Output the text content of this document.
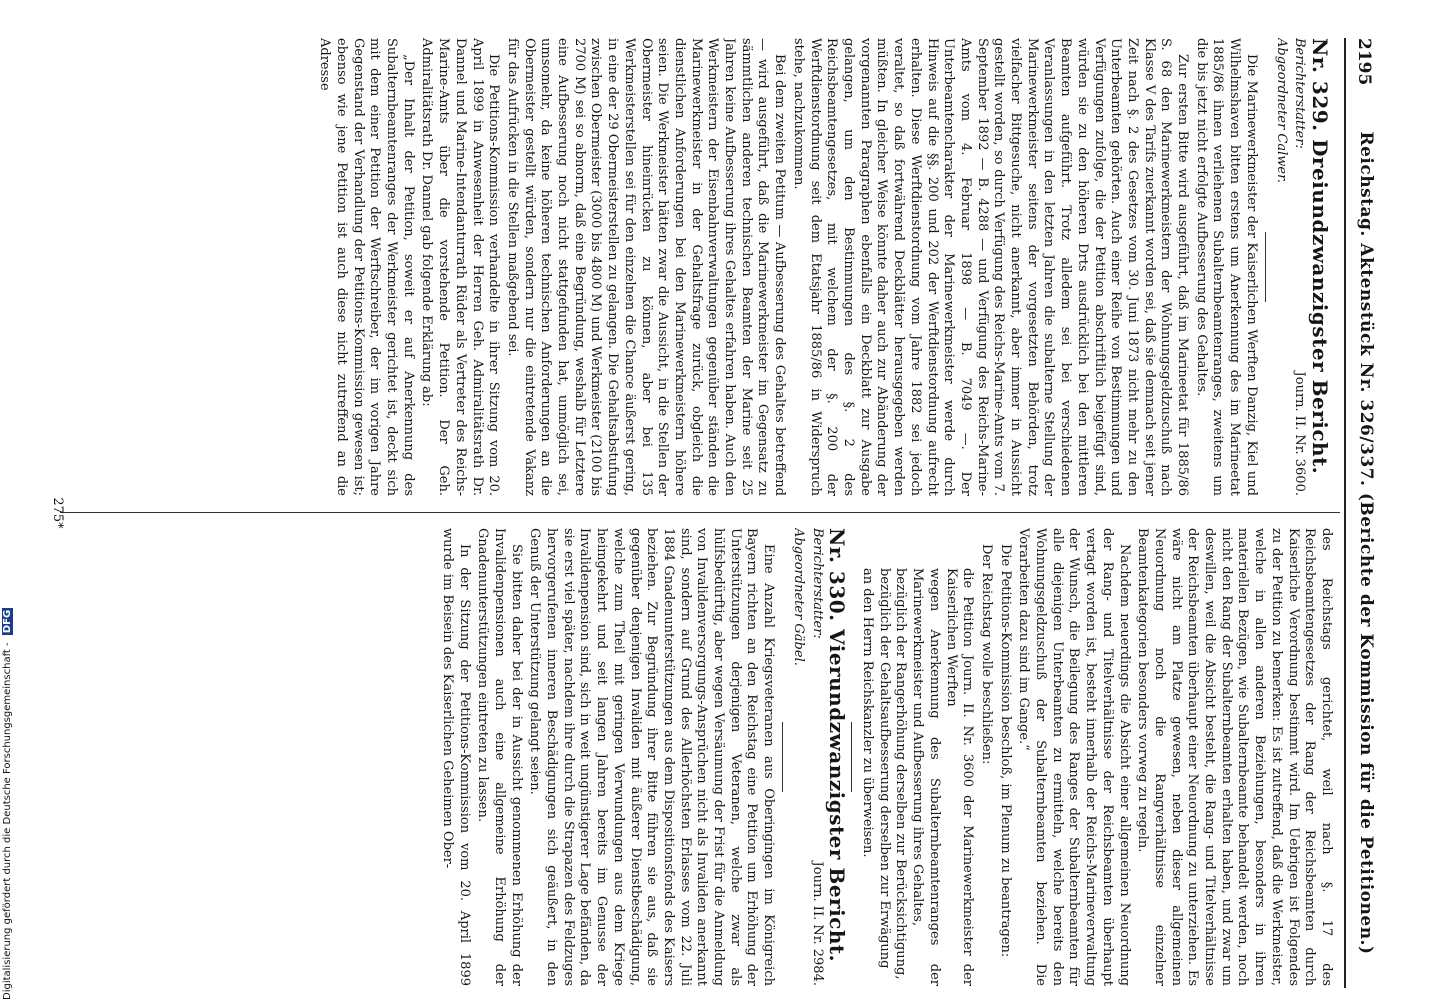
Digitalisierung gefördert durch die Deutsche Forschungsgemeinschaft - DFG
2195
Reichstag. Aktenstück Nr. 326/337. (Berichte der Kommission für die Petitionen.)
Nr. 329. Dreiundzwanzigster Bericht.
Berichterstatter:
Journ. II. Nr. 3600.
Abgeordneter Calwer.

Die Marinewerkmeister der Kaiserlichen Werften Danzig, Kiel und Wilhelmshaven bitten erstens um Anerkennung des im Marineetat 1885/86 ihnen verliehenen Subalternbeamtenranges, zweitens um die bis jetzt nicht erfolgte Aufbesserung des Gehaltes.

Zur ersten Bitte wird ausgeführt, daß im Marineetat für 1885/86 S. 68 den Marinewerkmeistern der Wohnungsgeldzuschuß nach Klasse V des Tarifs zuerkannt worden sei, daß sie demnach seit jener Zeit nach §. 2 des Gesetzes vom 30. Juni 1873 nicht mehr zu den Unterbeamten gehörten. Auch einer Reihe von Bestimmungen und Verfügungen zufolge, die der Petition abschriftlich beigefügt sind, würden sie zu den höheren Drts ausdrücklich bei den mittleren Beamten aufgeführt. Trotz alledem sei bei verschiedenen Veranlassungen in den letzten Jahren die subalterne Stellung der Marinewerkmeister seitens der vorgesetzten Behörden, trotz vielfacher Bittgesuche, nicht anerkannt, aber immer in Aussicht gestellt worden, so durch Verfügung des Reichs-Marine-Amts vom 7. September 1892 — B. 4288 — und Verfügung des Reichs-Marine-Amts vom 4. Februar 1898 — B. 7049 —. Der Unterbeamtencharakter der Marinewerkmeister werde durch Hinweis auf die §§. 200 und 202 der Werftdienstordnung aufrecht erhalten. Diese Werftdienstordnung vom Jahre 1882 sei jedoch veraltet, so daß fortwährend Deckblätter herausgegeben werden müßten. In gleicher Weise könnte daher auch zur Abänderung der vorgenannten Paragraphen ebenfalls ein Deckblatt zur Ausgabe gelangen, um den Bestimmungen des §. 2 des Reichsbeamtengesetzes, mit welchem der §. 200 der Werftdienstordnung seit dem Etatsjahr 1885/86 in Widerspruch stehe, nachzukommen.

Bei dem zweiten Petitum — Aufbesserung des Gehaltes betreffend — wird ausgeführt, daß die Marinewerkmeister im Gegensatz zu sämmtlichen anderen technischen Beamten der Marine seit 25 Jahren keine Aufbesserung ihres Gehaltes erfahren haben. Auch den Werkmeistern der Eisenbahnverwaltungen gegenüber ständen die Marinewerkmeister in der Gehaltsfrage zurück, obgleich die dienstlichen Anforderungen bei den Marinewerkmeistern höhere seien. Die Werkmeister hätten zwar die Aussicht, in die Stellen der Obermeister hineinrücken zu können, aber bei 135 Werkmeisterstellen sei für den einzelnen die Chance äußerst gering, in eine der 29 Obermeisterstellen zu gelangen. Die Gehaltsabstufung zwischen Obermeister (3000 bis 4800 M) und Werkmeister (2100 bis 2700 M) sei so abnorm, daß eine Begründung, weshalb für Letztere eine Aufbesserung noch nicht stattgefunden hat, unmöglich sei, umsomehr, da keine höheren technischen Anforderungen an die Obermeister gestellt würden, sondern nur die eintretende Vakanz für das Aufrücken in die Stellen maßgebend sei.

Die Petitions-Kommission verhandelte in ihrer Sitzung vom 20. April 1899 in Anwesenheit der Herren Geh. Admiralitätsrath Dr. Dannel und Marine-Intendanturrath Rüder als Vertreter des Reichs-Marine-Amts über die vorstehende Petition. Der Geh. Admiralitätsrath Dr. Dannel gab folgende Erklärung ab:

„Der Inhalt der Petition, soweit er auf Anerkennung des Subalternbeamtenranges der Werkmeister gerichtet ist, deckt sich mit dem einer Petition der Werftschreiber, der im vorigen Jahre Gegenstand der Verhandlung der Petitions-Kommission gewesen ist; ebenso wie jene Petition ist auch diese nicht zutreffend an die Adresse

des Reichstags gerichtet, weil nach §. 17 des Reichsbeamtengesetzes der Rang der Reichsbeamten durch Kaiserliche Verordnung bestimmt wird. Im Uebrigen ist Folgendes zu der Petition zu bemerken: Es ist zutreffend, daß die Werkmeister, welche in allen anderen Beziehungen, besonders in ihren materiellen Bezügen, wie Subalternbeamte behandelt werden, noch nicht den Rang der Subalternbeamten erhalten haben, und zwar um deswillen, weil die Absicht besteht, die Rang- und Titelverhältnisse der Reichsbeamten überhaupt einer Neuordnung zu unterziehen. Es wäre nicht am Platze gewesen, neben dieser allgemeinen Neuordnung noch die Rangverhältnisse einzelner Beamtenkategorien besonders vorweg zu regeln.

Nachdem neuerdings die Absicht einer allgemeinen Neuordnung der Rang- und Titelverhältnisse der Reichsbeamten überhaupt vertagt worden ist, besteht innerhalb der Reichs-Marineverwaltung der Wunsch, die Beilegung des Ranges der Subalternbeamten für alle diejenigen Unterbeamten zu ermitteln, welche bereits den Wohnungsgeldzuschuß der Subalternbeamten beziehen. Die Vorarbeiten dazu sind im Gange.“

Die Petitions-Kommission beschloß, im Plenum zu beantragen:

Der Reichstag wolle beschließen:

die Petition Journ. II. Nr. 3600 der Marinewerkmeister der Kaiserlichen Werften
wegen Anerkennung des Subalternbeamtenranges der Marinewerkmeister und Aufbesserung ihres Gehaltes,
bezüglich der Rangerhöhung derselben zur Berücksichtigung,
bezüglich der Gehaltsaufbesserung derselben zur Erwägung
an den Herrn Reichskanzler zu überweisen.
Nr. 330. Vierundzwanzigster Bericht.
Berichterstatter:
Journ. II. Nr. 2984.
Abgeordneter Gäbel.

Eine Anzahl Kriegsveteranen aus Oberingingen im Königreich Bayern richten an den Reichstag eine Petition um Erhöhung der Unterstützungen derjenigen Veteranen, welche zwar als hülfsbedürftig, aber wegen Versäumung der Frist für die Anmeldung von Invalidenversorgungs-Ansprüchen nicht als Invaliden anerkannt sind, sondern auf Grund des Allerhöchsten Erlasses vom 22. Juli 1884 Gnadenunterstützungen aus dem Dispositionsfonds des Kaisers beziehen. Zur Begründung ihrer Bitte führen sie aus, daß sie gegenüber denjenigen Invaliden mit äußerer Dienstbeschädigung, welche zum Theil mit geringen Verwundungen aus dem Kriege heimgekehrt und seit langen Jahren bereits im Genusse der Invalidenpension sind, sich in weit ungünstigerer Lage befänden, da sie erst viel später, nachdem ihre durch die Strapazen des Feldzuges hervorgerufenen inneren Beschädigungen sich geäußert, in den Genuß der Unterstützung gelangt seien.

Sie bitten daher bei der in Aussicht genommenen Erhöhung der Invalidenpensionen auch eine allgemeine Erhöhung der Gnadenunterstützungen eintreten zu lassen.

In der Sitzung der Petitions-Kommission vom 20. April 1899 wurde im Beisein des Kaiserlichen Geheimen Ober-

275*
